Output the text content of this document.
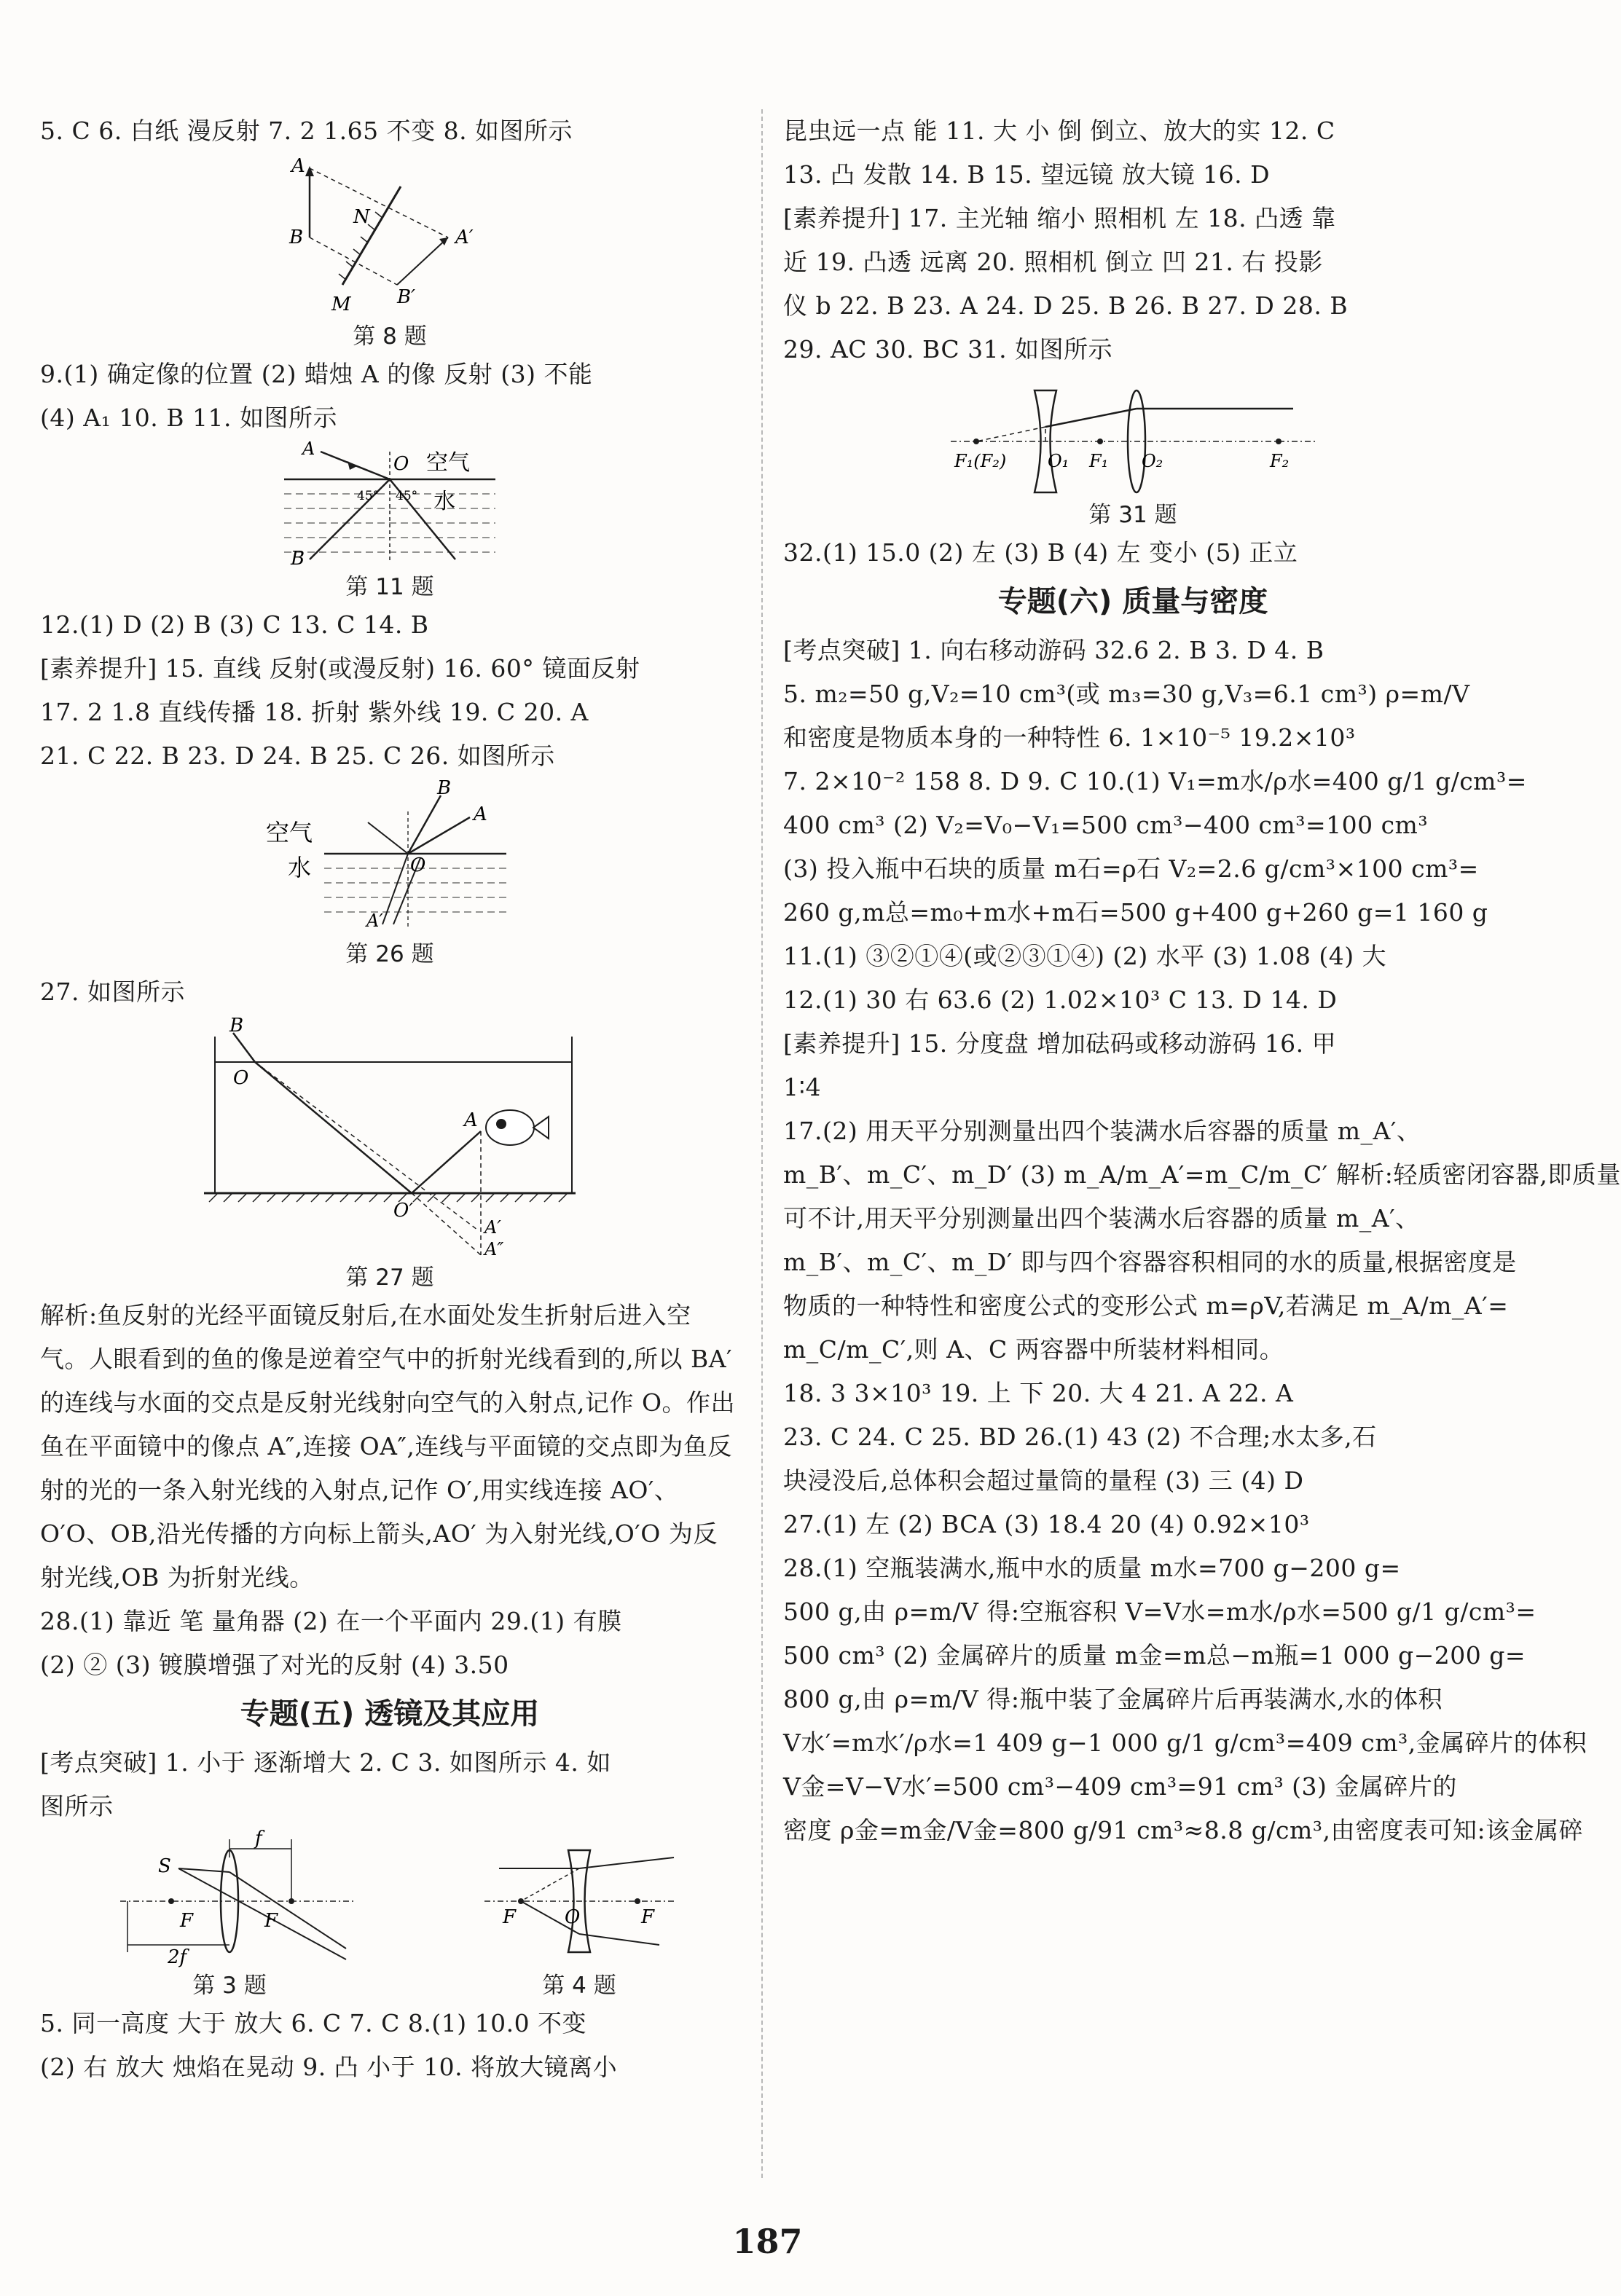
5. C 6. 白纸 漫反射 7. 2 1.65 不变 8. 如图所示
A
B
N
A′
B′
M
第 8 题
9.(1) 确定像的位置 (2) 蜡烛 A 的像 反射 (3) 不能
(4) A₁ 10. B 11. 如图所示
O 空气
水
45° 45°
A
B
第 11 题
12.(1) D (2) B (3) C 13. C 14. B
[素养提升] 15. 直线 反射(或漫反射) 16. 60° 镜面反射
17. 2 1.8 直线传播 18. 折射 紫外线 19. C 20. A
21. C 22. B 23. D 24. B 25. C 26. 如图所示
B
A
空气
水	O
A′
第 26 题
27. 如图所示
B
O
A
O′
A′
A″
第 27 题
解析:鱼反射的光经平面镜反射后,在水面处发生折射后进入空气。人眼看到的鱼的像是逆着空气中的折射光线看到的,所以 BA′ 的连线与水面的交点是反射光线射向空气的入射点,记作 O。作出鱼在平面镜中的像点 A″,连接 OA″,连线与平面镜的交点即为鱼反射的光的一条入射光线的入射点,记作 O′,用实线连接 AO′、O′O、OB,沿光传播的方向标上箭头,AO′ 为入射光线,O′O 为反射光线,OB 为折射光线。
28.(1) 靠近 笔 量角器 (2) 在一个平面内 29.(1) 有膜
(2) ② (3) 镀膜增强了对光的反射 (4) 3.50
专题(五) 透镜及其应用
[考点突破] 1. 小于 逐渐增大 2. C 3. 如图所示 4. 如
图所示
S
f
F	F
2f
第 3 题
F	O	F
第 4 题
5. 同一高度 大于 放大 6. C 7. C 8.(1) 10.0 不变
(2) 右 放大 烛焰在晃动 9. 凸 小于 10. 将放大镜离小
昆虫远一点 能 11. 大 小 倒 倒立、放大的实 12. C
13. 凸 发散 14. B 15. 望远镜 放大镜 16. D
[素养提升] 17. 主光轴 缩小 照相机 左 18. 凸透 靠
近 19. 凸透 远离 20. 照相机 倒立 凹 21. 右 投影
仪 b 22. B 23. A 24. D 25. B 26. B 27. D 28. B
29. AC 30. BC 31. 如图所示
F₁(F₂) O₁ F₁ O₂	F₂
第 31 题
32.(1) 15.0 (2) 左 (3) B (4) 左 变小 (5) 正立
专题(六) 质量与密度
[考点突破] 1. 向右移动游码 32.6 2. B 3. D 4. B
5. m₂=50 g,V₂=10 cm³(或 m₃=30 g,V₃=6.1 cm³) ρ=m/V
和密度是物质本身的一种特性 6. 1×10⁻⁵ 19.2×10³
7. 2×10⁻² 158 8. D 9. C 10.(1) V₁=m水/ρ水=400 g/1 g/cm³=
400 cm³ (2) V₂=V₀−V₁=500 cm³−400 cm³=100 cm³
(3) 投入瓶中石块的质量 m石=ρ石 V₂=2.6 g/cm³×100 cm³=
260 g,m总=m₀+m水+m石=500 g+400 g+260 g=1 160 g
11.(1) ③②①④(或②③①④) (2) 水平 (3) 1.08 (4) 大
12.(1) 30 右 63.6 (2) 1.02×10³ C 13. D 14. D
[素养提升] 15. 分度盘 增加砝码或移动游码 16. 甲
1∶4
17.(2) 用天平分别测量出四个装满水后容器的质量 m_A′、
m_B′、m_C′、m_D′ (3) m_A/m_A′=m_C/m_C′ 解析:轻质密闭容器,即质量
可不计,用天平分别测量出四个装满水后容器的质量 m_A′、
m_B′、m_C′、m_D′ 即与四个容器容积相同的水的质量,根据密度是
物质的一种特性和密度公式的变形公式 m=ρV,若满足 m_A/m_A′=
m_C/m_C′,则 A、C 两容器中所装材料相同。
18. 3 3×10³ 19. 上 下 20. 大 4 21. A 22. A
23. C 24. C 25. BD 26.(1) 43 (2) 不合理;水太多,石
块浸没后,总体积会超过量筒的量程 (3) 三 (4) D
27.(1) 左 (2) BCA (3) 18.4 20 (4) 0.92×10³
28.(1) 空瓶装满水,瓶中水的质量 m水=700 g−200 g=
500 g,由 ρ=m/V 得:空瓶容积 V=V水=m水/ρ水=500 g/1 g/cm³=
500 cm³ (2) 金属碎片的质量 m金=m总−m瓶=1 000 g−200 g=
800 g,由 ρ=m/V 得:瓶中装了金属碎片后再装满水,水的体积
V水′=m水′/ρ水=1 409 g−1 000 g/1 g/cm³=409 cm³,金属碎片的体积
V金=V−V水′=500 cm³−409 cm³=91 cm³ (3) 金属碎片的
密度 ρ金=m金/V金=800 g/91 cm³≈8.8 g/cm³,由密度表可知:该金属碎
187
